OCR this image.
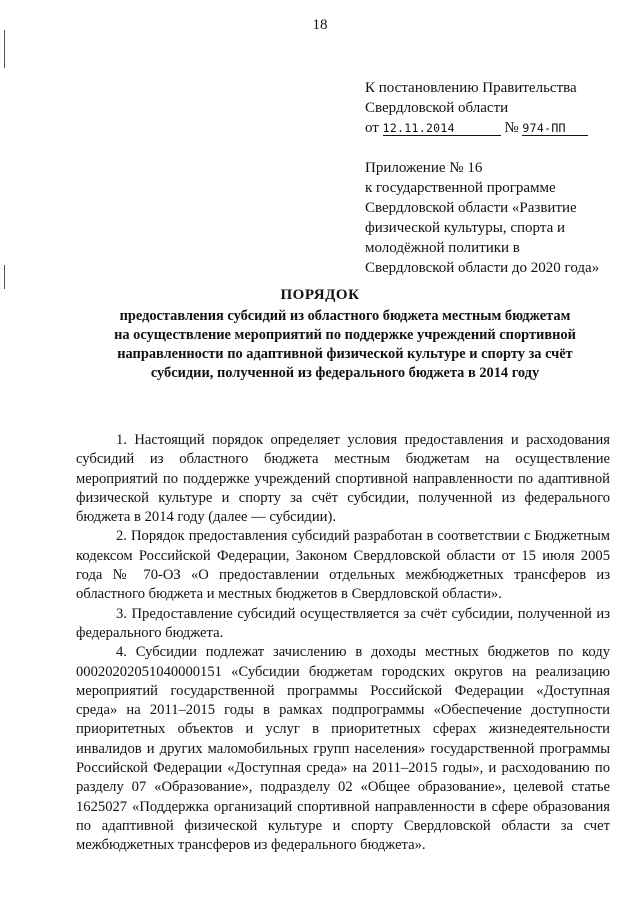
18
К постановлению Правительства
Свердловской области
от 12.11.2014	№ 974-ПП
Приложение № 16
к государственной программе
Свердловской области «Развитие
физической культуры, спорта и
молодёжной политики в
Свердловской области до 2020 года»
ПОРЯДОК
предоставления субсидий из областного бюджета местным бюджетам
на осуществление мероприятий по поддержке учреждений спортивной
направленности по адаптивной физической культуре и спорту за счёт
субсидии, полученной из федерального бюджета в 2014 году

1. Настоящий порядок определяет условия предоставления и расходования субсидий из областного бюджета местным бюджетам на осуществление мероприятий по поддержке учреждений спортивной направленности по адаптивной физической культуре и спорту за счёт субсидии, полученной из федерального бюджета в 2014 году (далее — субсидии).

2. Порядок предоставления субсидий разработан в соответствии с Бюджетным кодексом Российской Федерации, Законом Свердловской области от 15 июля 2005 года № 70-ОЗ «О предоставлении отдельных межбюджетных трансферов из областного бюджета и местных бюджетов в Свердловской области».

3. Предоставление субсидий осуществляется за счёт субсидии, полученной из федерального бюджета.

4. Субсидии подлежат зачислению в доходы местных бюджетов по коду 00020202051040000151 «Субсидии бюджетам городских округов на реализацию мероприятий государственной программы Российской Федерации «Доступная среда» на 2011–2015 годы в рамках подпрограммы «Обеспечение доступности приоритетных объектов и услуг в приоритетных сферах жизнедеятельности инвалидов и других маломобильных групп населения» государственной программы Российской Федерации «Доступная среда» на 2011–2015 годы», и расходованию по разделу 07 «Образование», подразделу 02 «Общее образование», целевой статье 1625027 «Поддержка организаций спортивной направленности в сфере образования по адаптивной физической культуре и спорту Свердловской области за счет межбюджетных трансферов из федерального бюджета».
